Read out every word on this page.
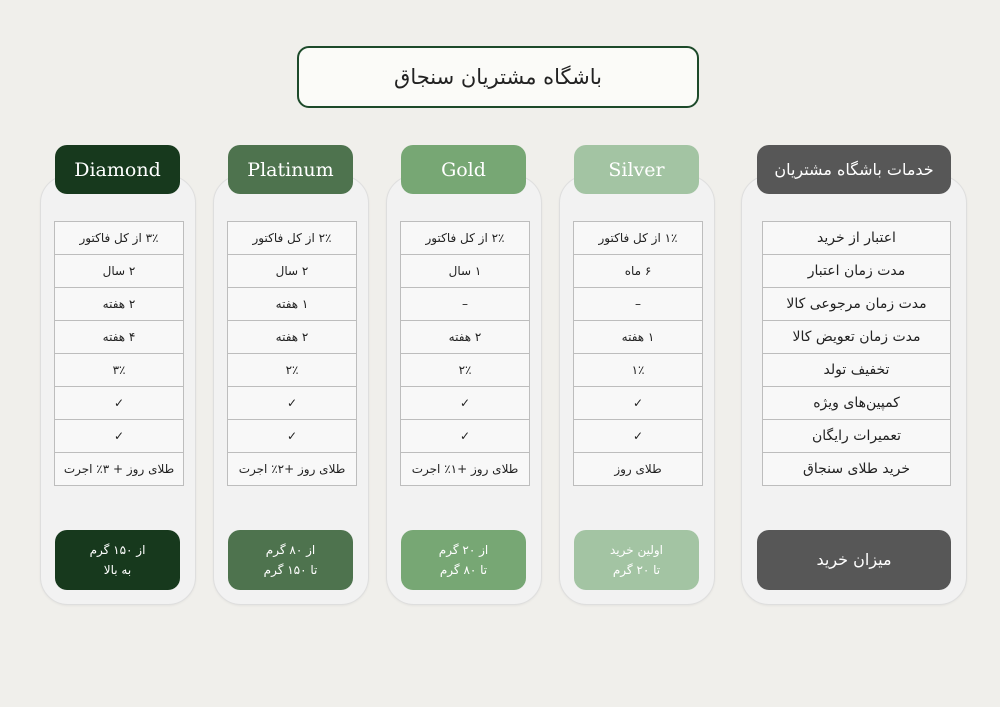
باشگاه مشتریان سنجاق
Diamond
۳٪ از کل فاکتور
۲ سال
۲ هفته
۴ هفته
۳٪
✓
✓
طلای روز + ۳٪ اجرت
از ۱۵۰ گرم
به بالا
Platinum
۲٪ از کل فاکتور
۲ سال
۱ هفته
۲ هفته
۲٪
✓
✓
طلای روز +۲٪ اجرت
از ۸۰ گرم
تا ۱۵۰ گرم
Gold
۲٪ از کل فاکتور
۱ سال
–
۲ هفته
۲٪
✓
✓
طلای روز +۱٪ اجرت
از ۲۰ گرم
تا ۸۰ گرم
Silver
۱٪ از کل فاکتور
۶ ماه
–
۱ هفته
۱٪
✓
✓
طلای روز
اولین خرید
تا ۲۰ گرم
خدمات باشگاه مشتریان
اعتبار از خرید
مدت زمان اعتبار
مدت زمان مرجوعی کالا
مدت زمان تعویض کالا
تخفیف تولد
کمپین‌های ویژه
تعمیرات رایگان
خرید طلای سنجاق
میزان خرید
